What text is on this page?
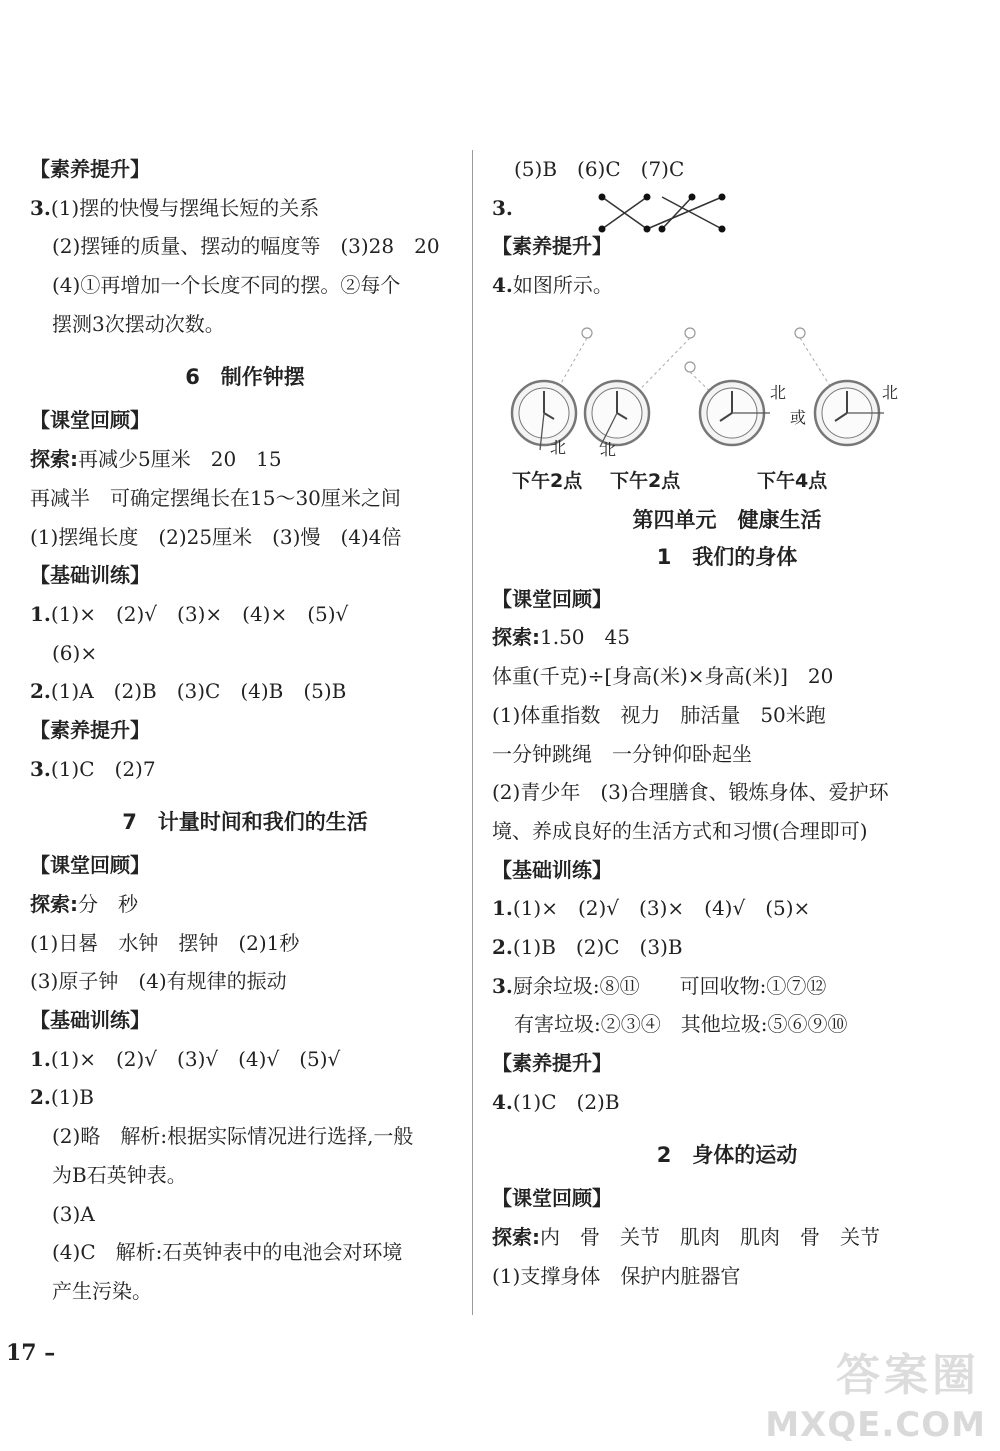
【素养提升】
3.(1)摆的快慢与摆绳长短的关系
(2)摆锤的质量、摆动的幅度等　(3)28　20
(4)①再增加一个长度不同的摆。②每个
摆测3次摆动次数。
6　制作钟摆
【课堂回顾】
探索:再减少5厘米　20　15
再减半　可确定摆绳长在15～30厘米之间
(1)摆绳长度　(2)25厘米　(3)慢　(4)4倍
【基础训练】
1.(1)×　(2)√　(3)×　(4)×　(5)√
(6)×
2.(1)A　(2)B　(3)C　(4)B　(5)B
【素养提升】
3.(1)C　(2)7
7　计量时间和我们的生活
【课堂回顾】
探索:分　秒
(1)日晷　水钟　摆钟　(2)1秒
(3)原子钟　(4)有规律的振动
【基础训练】
1.(1)×　(2)√　(3)√　(4)√　(5)√
2.(1)B
(2)略　解析:根据实际情况进行选择,一般
为B石英钟表。
(3)A
(4)C　解析:石英钟表中的电池会对环境
产生污染。
(5)B　(6)C　(7)C
3.
【素养提升】
4.如图所示。
北 北
北
或
北
下午2点 下午2点	下午4点
第四单元　健康生活
1　我们的身体
【课堂回顾】
探索:1.50　45
体重(千克)÷[身高(米)×身高(米)]　20
(1)体重指数　视力　肺活量　50米跑
一分钟跳绳　一分钟仰卧起坐
(2)青少年　(3)合理膳食、锻炼身体、爱护环
境、养成良好的生活方式和习惯(合理即可)
【基础训练】
1.(1)×　(2)√　(3)×　(4)√　(5)×
2.(1)B　(2)C　(3)B
3.厨余垃圾:⑧⑪　　可回收物:①⑦⑫
有害垃圾:②③④　其他垃圾:⑤⑥⑨⑩
【素养提升】
4.(1)C　(2)B
2　身体的运动
【课堂回顾】
探索:内　骨　关节　肌肉　肌肉　骨　关节
(1)支撑身体　保护内脏器官
17 –	答案圈
MXQE.COM
